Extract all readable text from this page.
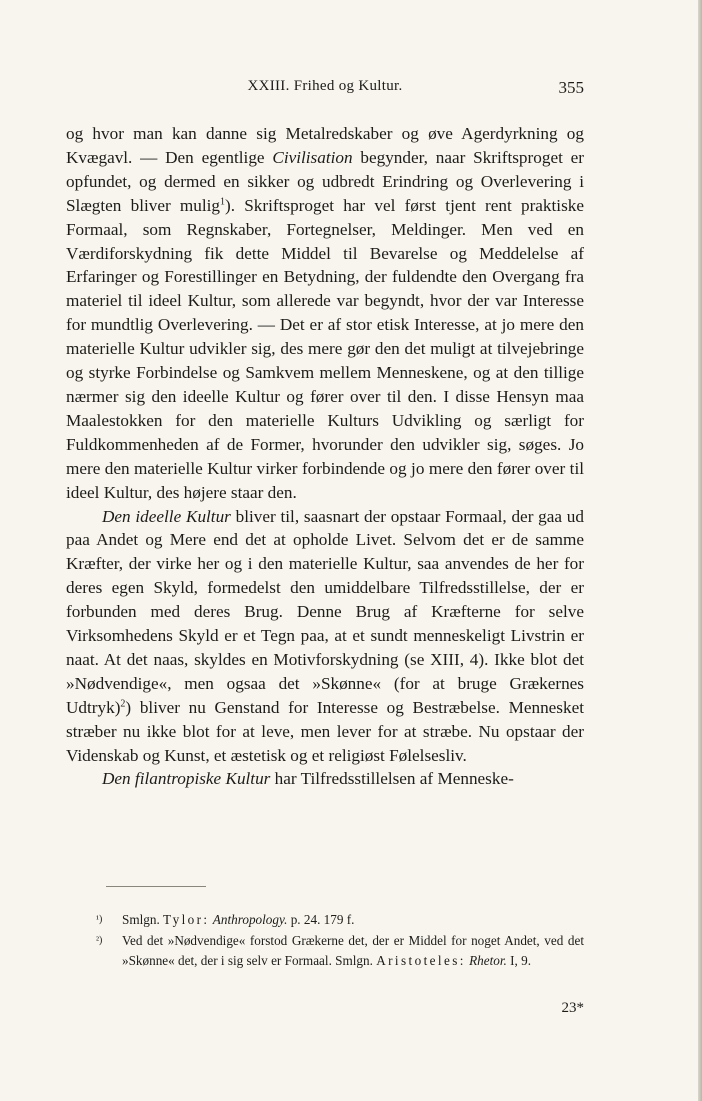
XXIII. Frihed og Kultur.	355

og hvor man kan danne sig Metalredskaber og øve Agerdyrkning og Kvægavl. — Den egentlige Civilisation begynder, naar Skriftsproget er opfundet, og dermed en sikker og udbredt Erindring og Overlevering i Slægten bliver mulig$^1$). Skriftsproget har vel først tjent rent praktiske Formaal, som Regnskaber, Fortegnelser, Meldinger. Men ved en Værdiforskydning fik dette Middel til Bevarelse og Meddelelse af Erfaringer og Forestillinger en Betydning, der fuldendte den Overgang fra materiel til ideel Kultur, som allerede var begyndt, hvor der var Interesse for mundtlig Overlevering. — Det er af stor etisk Interesse, at jo mere den materielle Kultur udvikler sig, des mere gør den det muligt at tilvejebringe og styrke Forbindelse og Samkvem mellem Menneskene, og at den tillige nærmer sig den ideelle Kultur og fører over til den. I disse Hensyn maa Maalestokken for den materielle Kulturs Udvikling og særligt for Fuldkommenheden af de Former, hvorunder den udvikler sig, søges. Jo mere den materielle Kultur virker forbindende og jo mere den fører over til ideel Kultur, des højere staar den.

Den ideelle Kultur bliver til, saasnart der opstaar Formaal, der gaa ud paa Andet og Mere end det at opholde Livet. Selvom det er de samme Kræfter, der virke her og i den materielle Kultur, saa anvendes de her for deres egen Skyld, formedelst den umiddelbare Tilfredsstillelse, der er forbunden med deres Brug. Denne Brug af Kræfterne for selve Virksomhedens Skyld er et Tegn paa, at et sundt menneskeligt Livstrin er naat. At det naas, skyldes en Motivforskydning (se XIII, 4). Ikke blot det »Nødvendige«, men ogsaa det »Skønne« (for at bruge Grækernes Udtryk)$^2$) bliver nu Genstand for Interesse og Bestræbelse. Mennesket stræber nu ikke blot for at leve, men lever for at stræbe. Nu opstaar der Videnskab og Kunst, et æstetisk og et religiøst Følelsesliv.

Den filantropiske Kultur har Tilfredsstillelsen af Menneske-

¹) Smlgn. Tylor: Anthropology. p. 24. 179 f.

²) Ved det »Nødvendige« forstod Grækerne det, der er Middel for noget Andet, ved det »Skønne« det, der i sig selv er Formaal. Smlgn. Aristoteles: Rhetor. I, 9.

23*
